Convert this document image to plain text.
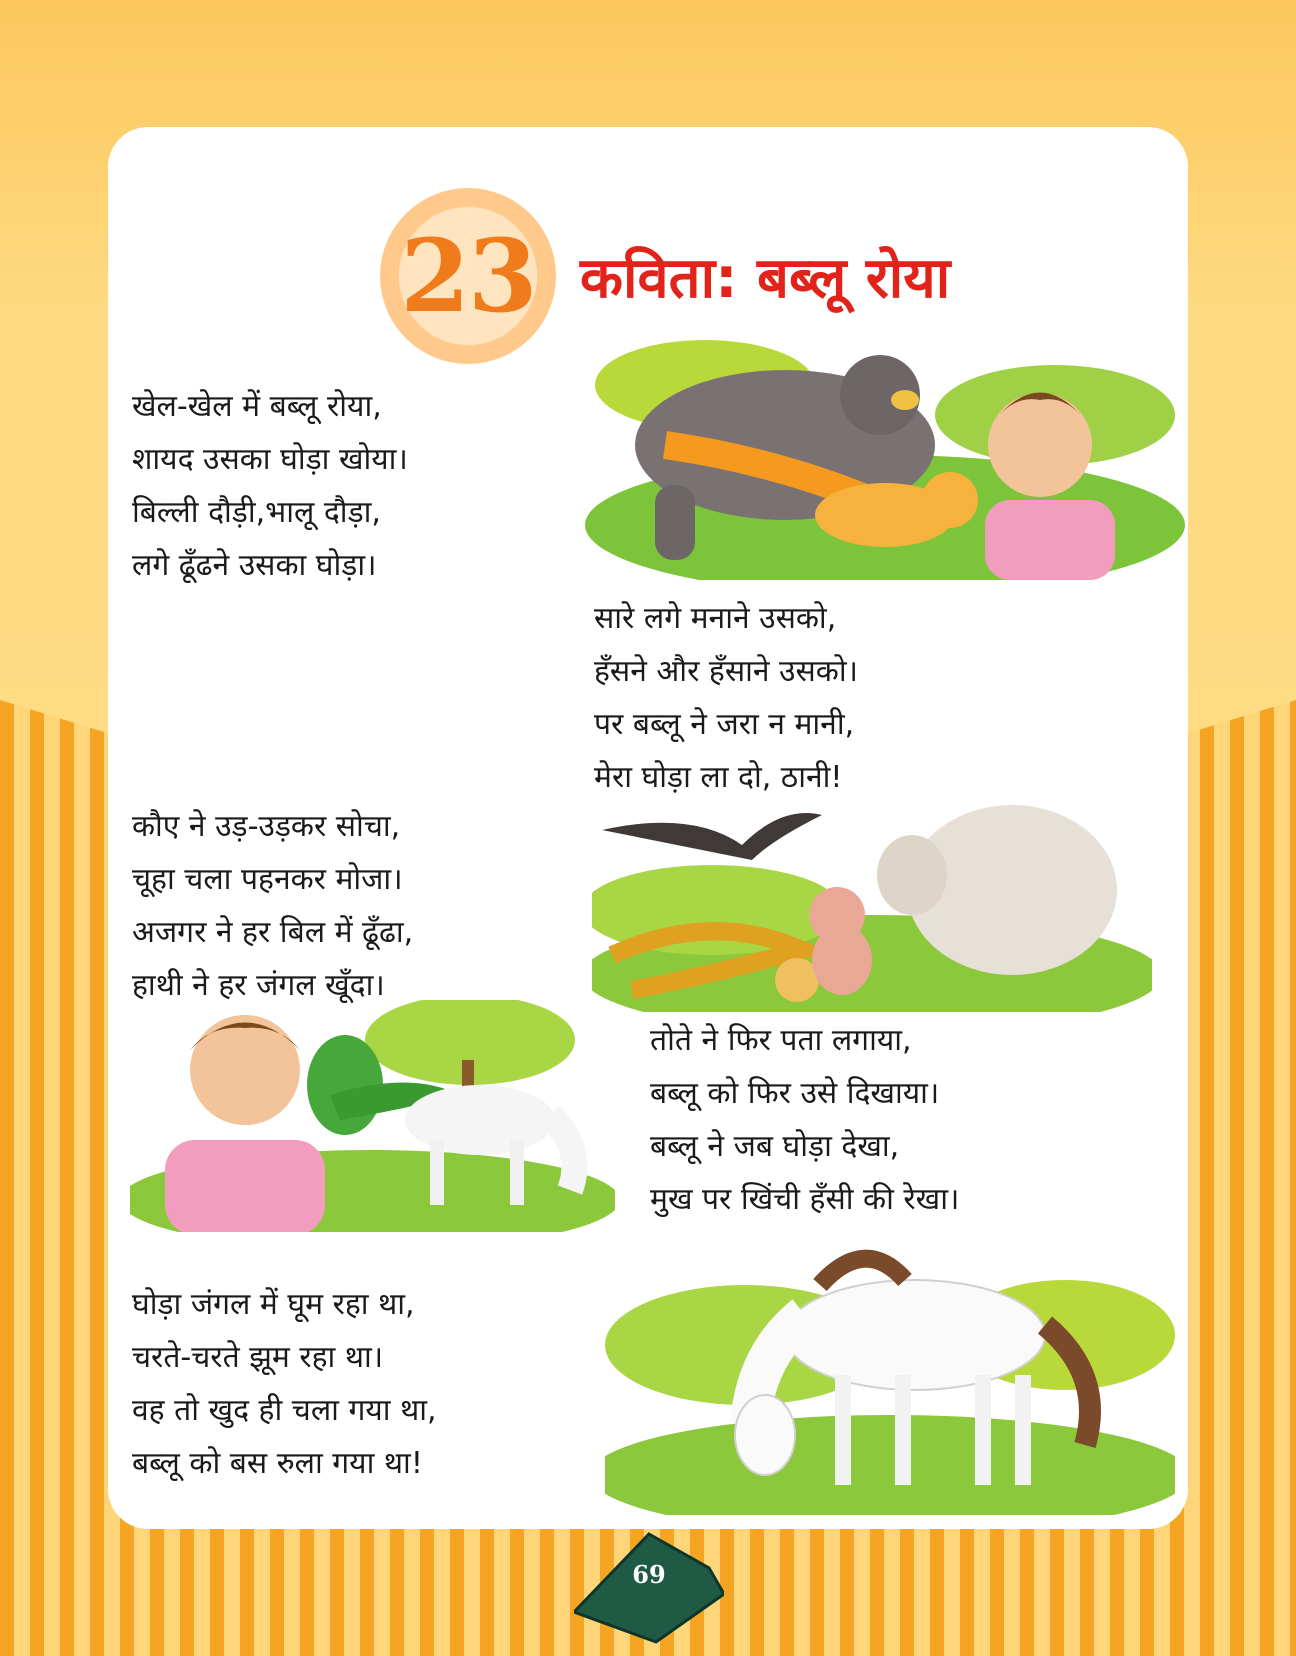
23 कविता: बब्लू रोया
खेल-खेल में बब्लू रोया,
शायद उसका घोड़ा खोया।
बिल्ली दौड़ी,भालू दौड़ा,
लगे ढूँढने उसका घोड़ा।
सारे लगे मनाने उसको,
हँसने और हँसाने उसको।
पर बब्लू ने जरा न मानी,
मेरा घोड़ा ला दो, ठानी!
कौए ने उड़-उड़कर सोचा,
चूहा चला पहनकर मोजा।
अजगर ने हर बिल में ढूँढा,
हाथी ने हर जंगल खूँदा।
तोते ने फिर पता लगाया,
बब्लू को फिर उसे दिखाया।
बब्लू ने जब घोड़ा देखा,
मुख पर खिंची हँसी की रेखा।
घोड़ा जंगल में घूम रहा था,
चरते-चरते झूम रहा था।
वह तो खुद ही चला गया था,
बब्लू को बस रुला गया था!
69
